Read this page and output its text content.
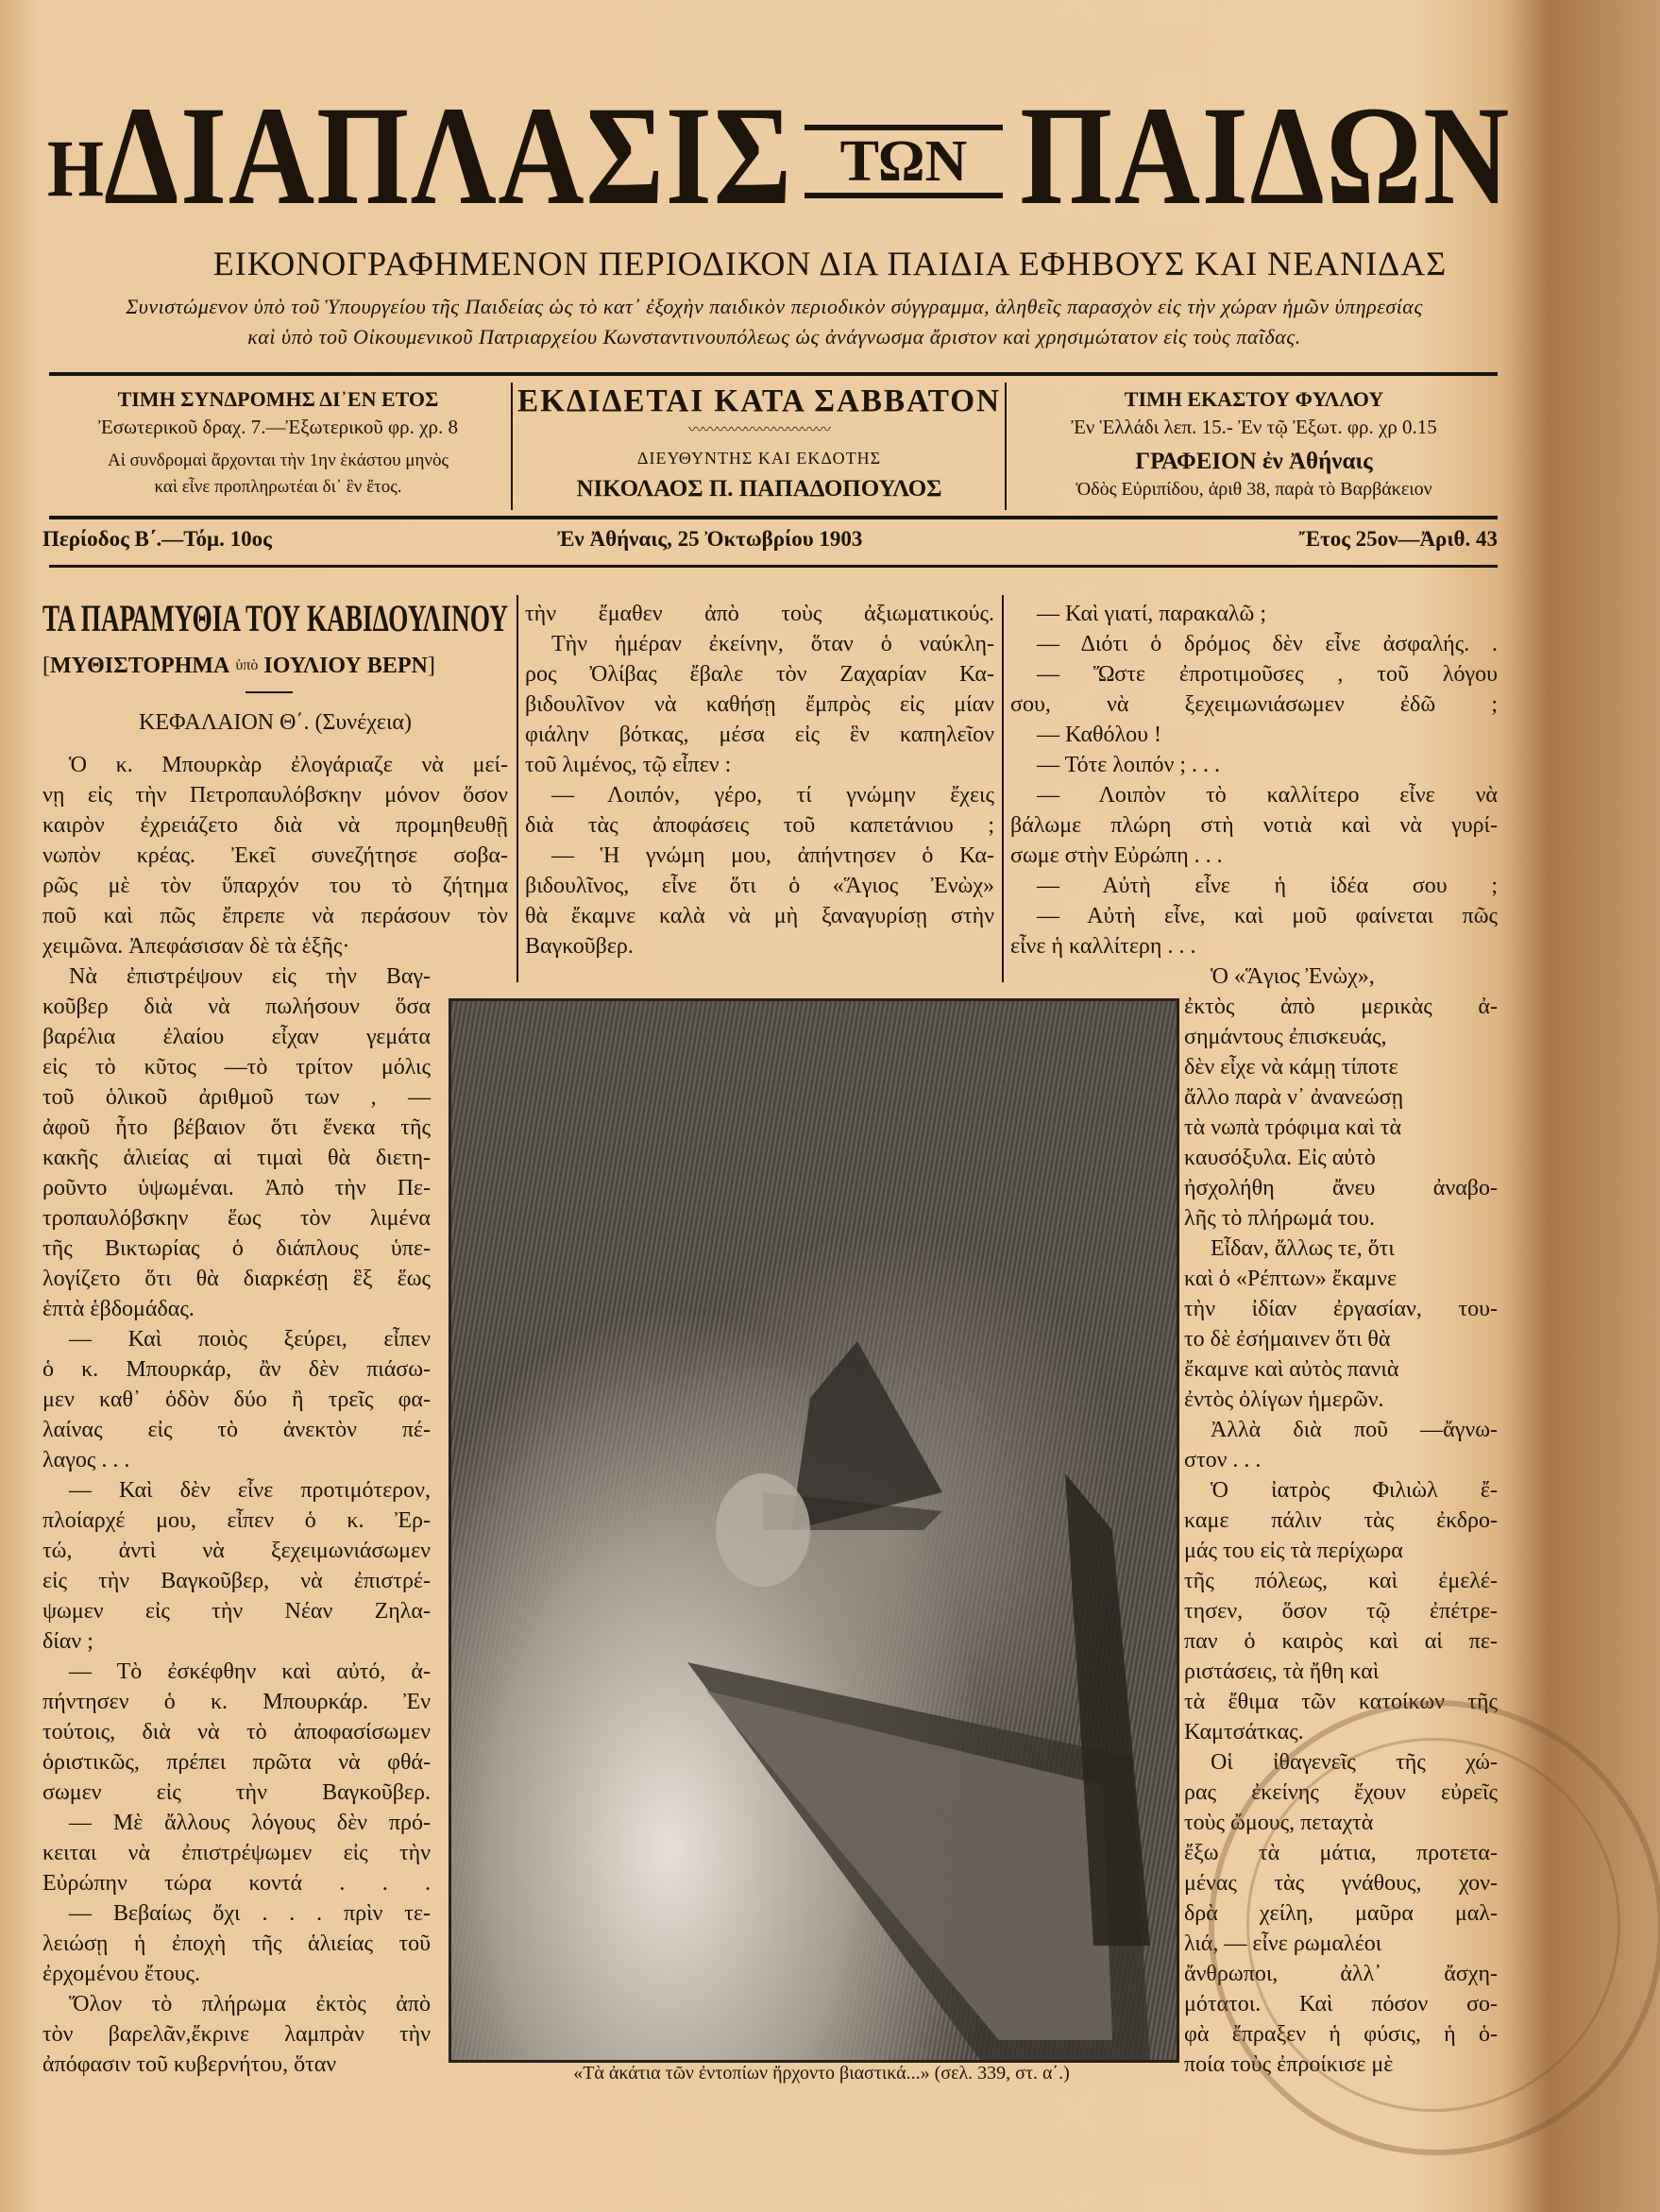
Η ΔΙΑΠΛΑΣΙΣ ΤΩΝ ΠΑΙΔΩΝ
ΕΙΚΟΝΟΓΡΑΦΗΜΕΝΟΝ ΠΕΡΙΟΔΙΚΟΝ ΔΙΑ ΠΑΙΔΙΑ ΕΦΗΒΟΥΣ ΚΑΙ ΝΕΑΝΙΔΑΣ
Συνιστώμενον ὑπὸ τοῦ Ὑπουργείου τῆς Παιδείας ὡς τὸ κατ᾽ ἐξοχὴν παιδικὸν περιοδικὸν σύγγραμμα, ἀληθεῖς παρασχὸν εἰς τὴν χώραν ἡμῶν ὑπηρεσίας
καὶ ὑπὸ τοῦ Οἰκουμενικοῦ Πατριαρχείου Κωνσταντινουπόλεως ὡς ἀνάγνωσμα ἄριστον καὶ χρησιμώτατον εἰς τοὺς παῖδας.
ΤΙΜΗ ΣΥΝΔΡΟΜΗΣ ΔΙ᾽ΕΝ ΕΤΟΣ
Ἐσωτερικοῦ δραχ. 7.—Ἐξωτερικοῦ φρ. χρ. 8
Αἱ συνδρομαὶ ἄρχονται τὴν 1ην ἑκάστου μηνὸς
καὶ εἶνε προπληρωτέαι δι᾽ ἓν ἔτος.
ΕΚΔΙΔΕΤΑΙ ΚΑΤΑ ΣΑΒΒΑΤΟΝ
〰〰〰〰〰〰〰〰〰〰
ΔΙΕΥΘΥΝΤΗΣ ΚΑΙ ΕΚΔΟΤΗΣ
ΝΙΚΟΛΑΟΣ Π. ΠΑΠΑΔΟΠΟΥΛΟΣ
ΤΙΜΗ ΕΚΑΣΤΟΥ ΦΥΛΛΟΥ
Ἐν Ἑλλάδι λεπ. 15.- Ἐν τῷ Ἐξωτ. φρ. χρ 0.15
ΓΡΑΦΕΙΟΝ ἐν Ἀθήναις
Ὁδὸς Εὐριπίδου, ἀριθ 38, παρὰ τὸ Βαρβάκειον
Περίοδος Β΄.—Τόμ. 10ος	Ἐν Ἀθήναις, 25 Ὀκτωβρίου 1903	Ἔτος 25ον—Ἀριθ. 43
ΤΑ ΠΑΡΑΜΥΘΙΑ ΤΟΥ ΚΑΒΙΔΟΥΛΙΝΟΥ
[ΜΥΘΙΣΤΟΡΗΜΑ $^{ὑ\pi ὸ}$ ΙΟΥΛΙΟΥ ΒΕΡΝ]
ΚΕΦΑΛΑΙΟΝ Θ΄. (Συνέχεια)
Ὁ κ. Μπουρκὰρ ἐλογάριαζε νὰ μεί-
νῃ εἰς τὴν Πετροπαυλόβσκην μόνον ὅσον
καιρὸν ἐχρειάζετο διὰ νὰ προμηθευθῇ
νωπὸν κρέας. Ἐκεῖ συνεζήτησε σοβα-
ρῶς μὲ τὸν ὕπαρχόν του τὸ ζήτημα
ποῦ καὶ πῶς ἔπρεπε νὰ περάσουν τὸν
χειμῶνα. Ἀπεφάσισαν δὲ τὰ ἑξῆς·
Νὰ ἐπιστρέψουν εἰς τὴν Βαγ-
κοῦβερ διὰ νὰ πωλήσουν ὅσα
βαρέλια ἐλαίου εἶχαν γεμάτα
εἰς τὸ κῦτος —τὸ τρίτον μόλις
τοῦ ὁλικοῦ ἀριθμοῦ των , —
ἀφοῦ ἦτο βέβαιον ὅτι ἕνεκα τῆς
κακῆς ἁλιείας αἱ τιμαὶ θὰ διετη-
ροῦντο ὑψωμέναι. Ἀπὸ τὴν Πε-
τροπαυλόβσκην ἕως τὸν λιμένα
τῆς Βικτωρίας ὁ διάπλους ὑπε-
λογίζετο ὅτι θὰ διαρκέσῃ ἓξ ἕως
ἑπτὰ ἑβδομάδας.
— Καὶ ποιὸς ξεύρει, εἶπεν
ὁ κ. Μπουρκάρ, ἂν δὲν πιάσω-
μεν καθ᾽ ὁδὸν δύο ἢ τρεῖς φα-
λαίνας εἰς τὸ ἀνεκτὸν πέ-
λαγος . . .
— Καὶ δὲν εἶνε προτιμότερον,
πλοίαρχέ μου, εἶπεν ὁ κ. Ἐρ-
τώ, ἀντὶ νὰ ξεχειμωνιάσωμεν
εἰς τὴν Βαγκοῦβερ, νὰ ἐπιστρέ-
ψωμεν εἰς τὴν Νέαν Ζηλα-
δίαν ;
— Τὸ ἐσκέφθην καὶ αὐτό, ἀ-
πήντησεν ὁ κ. Μπουρκάρ. Ἐν
τούτοις, διὰ νὰ τὸ ἀποφασίσωμεν
ὁριστικῶς, πρέπει πρῶτα νὰ φθά-
σωμεν εἰς τὴν Βαγκοῦβερ.
— Μὲ ἄλλους λόγους δὲν πρό-
κειται νὰ ἐπιστρέψωμεν εἰς τὴν
Εὐρώπην τώρα κοντά . . .
— Βεβαίως ὄχι . . . πρὶν τε-
λειώσῃ ἡ ἐποχὴ τῆς ἁλιείας τοῦ
ἐρχομένου ἔτους.
Ὅλον τὸ πλήρωμα ἐκτὸς ἀπὸ
τὸν βαρελᾶν,ἔκρινε λαμπρὰν τὴν
ἀπόφασιν τοῦ κυβερνήτου, ὅταν
τὴν ἔμαθεν ἀπὸ τοὺς ἀξιωματικούς.
Τὴν ἡμέραν ἐκείνην, ὅταν ὁ ναύκλη-
ρος Ὀλίβας ἔβαλε τὸν Ζαχαρίαν Κα-
βιδουλῖνον νὰ καθήσῃ ἔμπρὸς εἰς μίαν
φιάλην βότκας, μέσα εἰς ἓν καπηλεῖον
τοῦ λιμένος, τῷ εἶπεν :
— Λοιπόν, γέρο, τί γνώμην ἔχεις
διὰ τὰς ἀποφάσεις τοῦ καπετάνιου ;
— Ἡ γνώμη μου, ἀπήντησεν ὁ Κα-
βιδουλῖνος, εἶνε ὅτι ὁ «Ἅγιος Ἐνὼχ»
θὰ ἔκαμνε καλὰ νὰ μὴ ξαναγυρίσῃ στὴν
Βαγκοῦβερ.
— Καὶ γιατί, παρακαλῶ ;
— Διότι ὁ δρόμος δὲν εἶνε ἀσφαλής. .
— Ὥστε ἐπροτιμοῦσες , τοῦ λόγου
σου, νὰ ξεχειμωνιάσωμεν ἐδῶ ;
— Καθόλου !
— Τότε λοιπόν ; . . .
— Λοιπὸν τὸ καλλίτερο εἶνε νὰ
βάλωμε πλώρη στὴ νοτιὰ καὶ νὰ γυρί-
σωμε στὴν Εὐρώπη . . .
— Αὐτὴ εἶνε ἡ ἰδέα σου ;
— Αὐτὴ εἶνε, καὶ μοῦ φαίνεται πῶς
εἶνε ἡ καλλίτερη . . .
Ὁ «Ἅγιος Ἐνὼχ»,
ἐκτὸς ἀπὸ μερικὰς ἀ-
σημάντους ἐπισκευάς,
δὲν εἶχε νὰ κάμῃ τίποτε
ἄλλο παρὰ ν᾽ ἀνανεώσῃ
τὰ νωπὰ τρόφιμα καὶ τὰ
καυσόξυλα. Εἰς αὐτὸ
ἠσχολήθη ἄνευ ἀναβο-
λῆς τὸ πλήρωμά του.
Εἶδαν, ἄλλως τε, ὅτι
καὶ ὁ «Ρέπτων» ἔκαμνε
τὴν ἰδίαν ἐργασίαν, του-
το δὲ ἐσήμαινεν ὅτι θὰ
ἔκαμνε καὶ αὐτὸς πανιὰ
ἐντὸς ὀλίγων ἡμερῶν.
Ἀλλὰ διὰ ποῦ —ἄγνω-
στον . . .
Ὁ ἰατρὸς Φιλιὼλ ἔ-
καμε πάλιν τὰς ἐκδρο-
μάς του εἰς τὰ περίχωρα
τῆς πόλεως, καὶ ἐμελέ-
τησεν, ὅσον τῷ ἐπέτρε-
παν ὁ καιρὸς καὶ αἱ πε-
ριστάσεις, τὰ ἤθη καὶ
τὰ ἔθιμα τῶν κατοίκων τῆς
Καμτσάτκας.
Οἱ ἰθαγενεῖς τῆς χώ-
ρας ἐκείνης ἔχουν εὐρεῖς
τοὺς ὤμους, πεταχτὰ
ἔξω τὰ μάτια, προτετα-
μένας τὰς γνάθους, χον-
δρὰ χείλη, μαῦρα μαλ-
λιά, — εἶνε ρωμαλέοι
ἄνθρωποι, ἀλλ᾽ ἄσχη-
μότατοι. Καὶ πόσον σο-
φὰ ἔπραξεν ἡ φύσις, ἡ ὁ-
ποία τοὺς ἐπροίκισε μὲ
«Τὰ ἀκάτια τῶν ἐντοπίων ἤρχοντο βιαστικά...» (σελ. 339, στ. α΄.)
